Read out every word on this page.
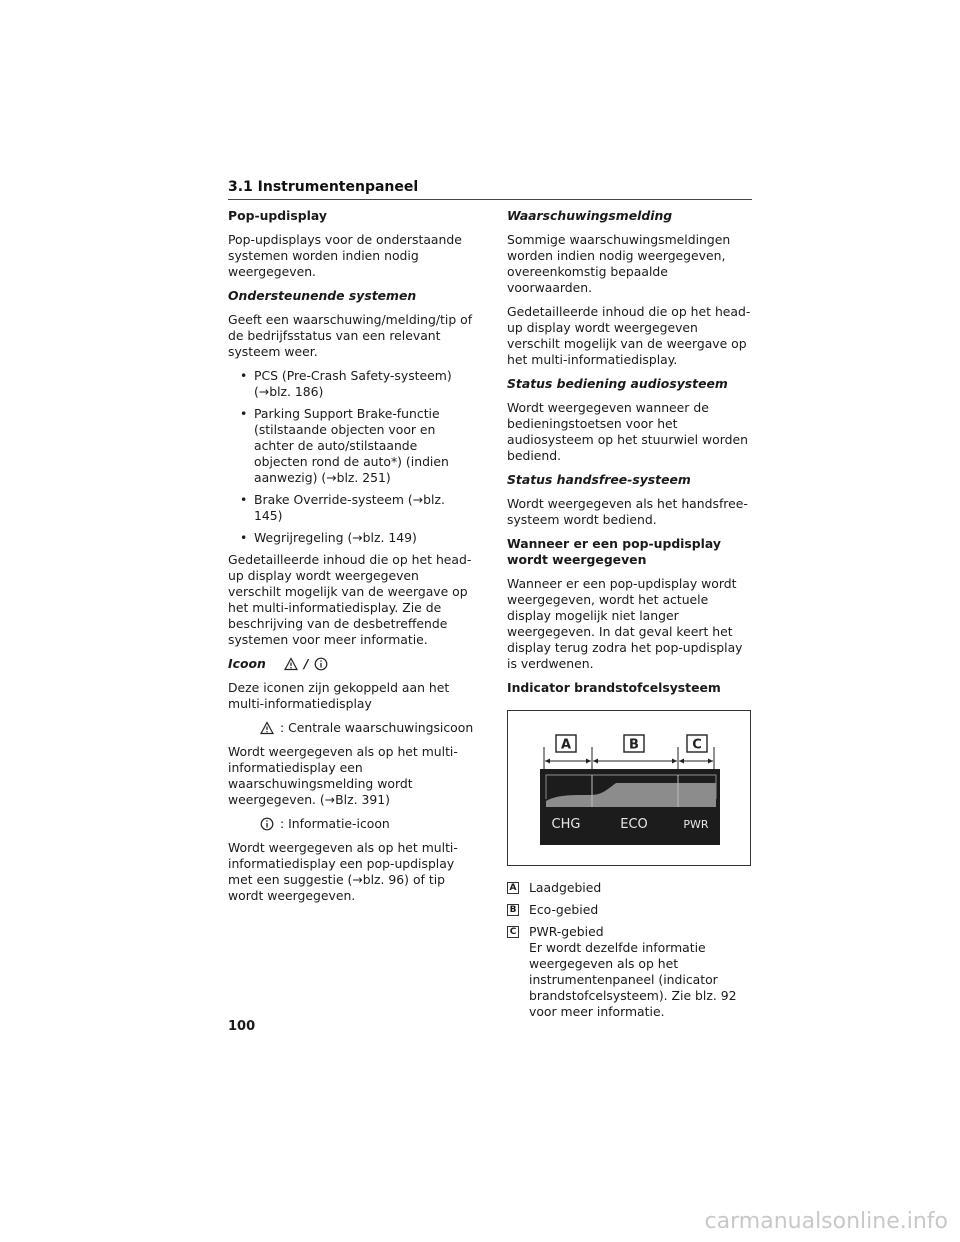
3.1 Instrumentenpaneel
Pop-updisplay
Pop-updisplays voor de onderstaande systemen worden indien nodig weergegeven.
Ondersteunende systemen
Geeft een waarschuwing/melding/tip of de bedrijfsstatus van een relevant systeem weer.
• PCS (Pre-Crash Safety-systeem) (→blz. 186)
• Parking Support Brake-functie (stilstaande objecten voor en achter de auto/stilstaande objecten rond de auto*) (indien aanwezig) (→blz. 251)
• Brake Override-systeem (→blz. 145)
• Wegrijregeling (→blz. 149)
Gedetailleerde inhoud die op het head-up display wordt weergegeven verschilt mogelijk van de weergave op het multi-informatiedisplay. Zie de beschrijving van de desbetreffende systemen voor meer informatie.
Icoon	/
Deze iconen zijn gekoppeld aan het multi-informatiedisplay
: Centrale waarschuwingsicoon
Wordt weergegeven als op het multi-informatiedisplay een waarschuwingsmelding wordt weergegeven. (→Blz. 391)
: Informatie-icoon
Wordt weergegeven als op het multi-informatiedisplay een pop-updisplay met een suggestie (→blz. 96) of tip wordt weergegeven.
Waarschuwingsmelding
Sommige waarschuwingsmeldingen worden indien nodig weergegeven, overeenkomstig bepaalde voorwaarden.
Gedetailleerde inhoud die op het head-up display wordt weergegeven verschilt mogelijk van de weergave op het multi-informatiedisplay.
Status bediening audiosysteem
Wordt weergegeven wanneer de bedieningstoetsen voor het audiosysteem op het stuurwiel worden bediend.
Status handsfree-systeem
Wordt weergegeven als het handsfree-systeem wordt bediend.
Wanneer er een pop-updisplay wordt weergegeven
Wanneer er een pop-updisplay wordt weergegeven, wordt het actuele display mogelijk niet langer weergegeven. In dat geval keert het display terug zodra het pop-updisplay is verdwenen.
Indicator brandstofcelsysteem
A	B	C
CHG	ECO	PWR
A Laadgebied
B Eco-gebied
C PWR-gebied
Er wordt dezelfde informatie weergegeven als op het instrumentenpaneel (indicator brandstofcelsysteem). Zie blz. 92 voor meer informatie.
100
carmanualsonline.info
